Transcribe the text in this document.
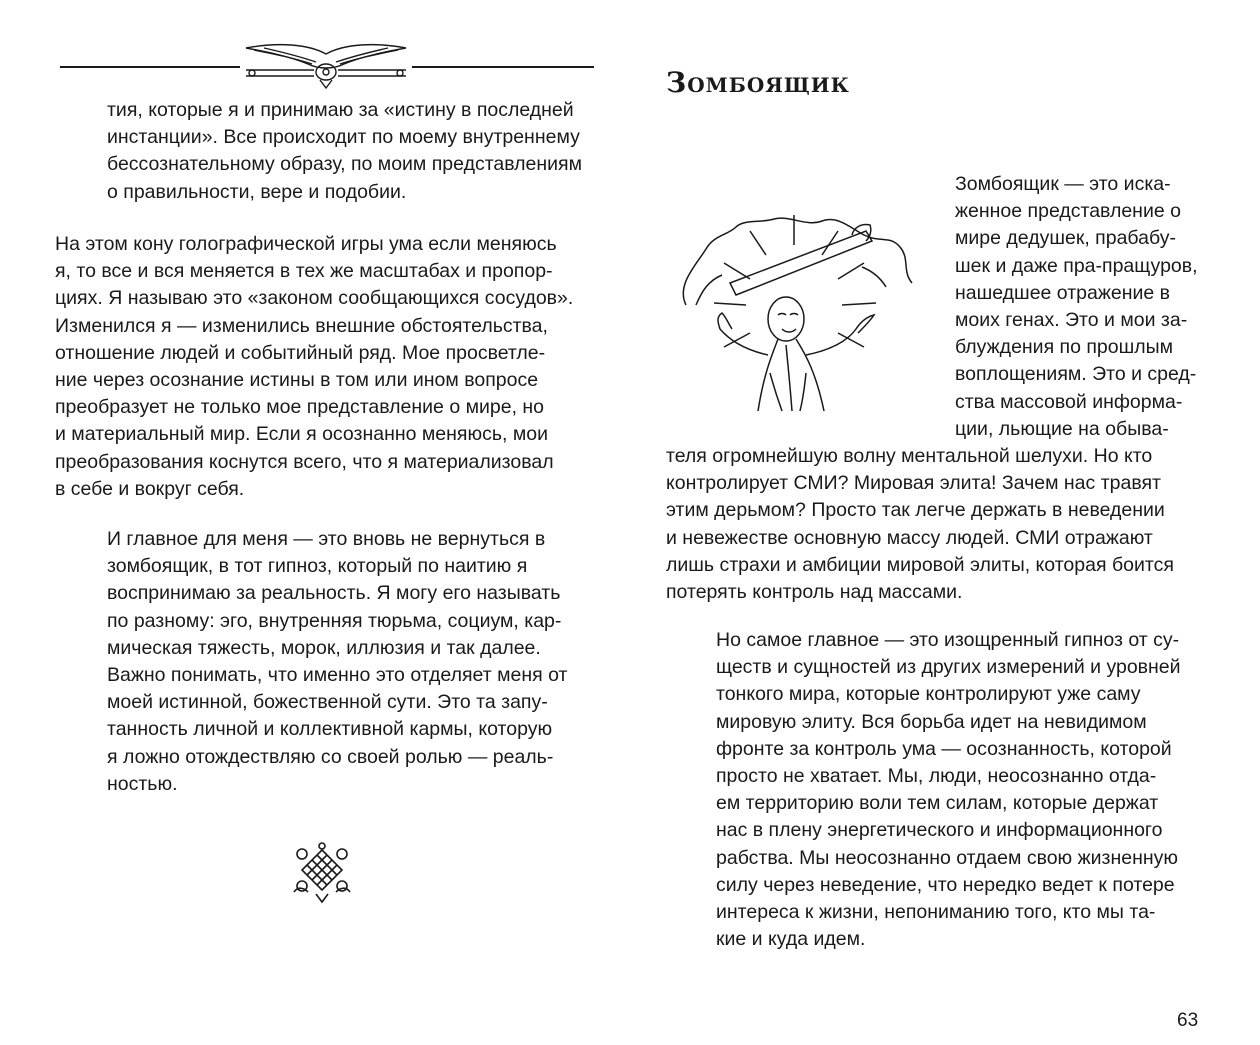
тия, которые я и принимаю за «истину в последней
инстанции». Все происходит по моему внутреннему
бессознательному образу, по моим представлениям
о правильности, вере и подобии.

На этом кону голографической игры ума если меняюсь
я, то все и вся меняется в тех же масштабах и пропор-
циях. Я называю это «законом сообщающихся сосудов».
Изменился я — изменились внешние обстоятельства,
отношение людей и событийный ряд. Мое просветле-
ние через осознание истины в том или ином вопросе
преобразует не только мое представление о мире, но
и материальный мир. Если я осознанно меняюсь, мои
преобразования коснутся всего, что я материализовал
в себе и вокруг себя.

И главное для меня — это вновь не вернуться в
зомбоящик, в тот гипноз, который по наитию я
воспринимаю за реальность. Я могу его называть
по разному: эго, внутренняя тюрьма, социум, кар-
мическая тяжесть, морок, иллюзия и так далее.
Важно понимать, что именно это отделяет меня от
моей истинной, божественной сути. Это та запу-
танность личной и коллективной кармы, которую
я ложно отождествляю со своей ролью — реаль-
ностью.

Зомбоящик

Зомбоящик — это иска-
женное представление о
мире дедушек, прабабу-
шек и даже пра-пращуров,
нашедшее отражение в
моих генах. Это и мои за-
блуждения по прошлым
воплощениям. Это и сред-
ства массовой информа-
ции, льющие на обыва-

теля огромнейшую волну ментальной шелухи. Но кто
контролирует СМИ? Мировая элита! Зачем нас травят
этим дерьмом? Просто так легче держать в неведении
и невежестве основную массу людей. СМИ отражают
лишь страхи и амбиции мировой элиты, которая боится
потерять контроль над массами.

Но самое главное — это изощренный гипноз от су-
ществ и сущностей из других измерений и уровней
тонкого мира, которые контролируют уже саму
мировую элиту. Вся борьба идет на невидимом
фронте за контроль ума — осознанность, которой
просто не хватает. Мы, люди, неосознанно отда-
ем территорию воли тем силам, которые держат
нас в плену энергетического и информационного
рабства. Мы неосознанно отдаем свою жизненную
силу через неведение, что нередко ведет к потере
интереса к жизни, непониманию того, кто мы та-
кие и куда идем.

63
